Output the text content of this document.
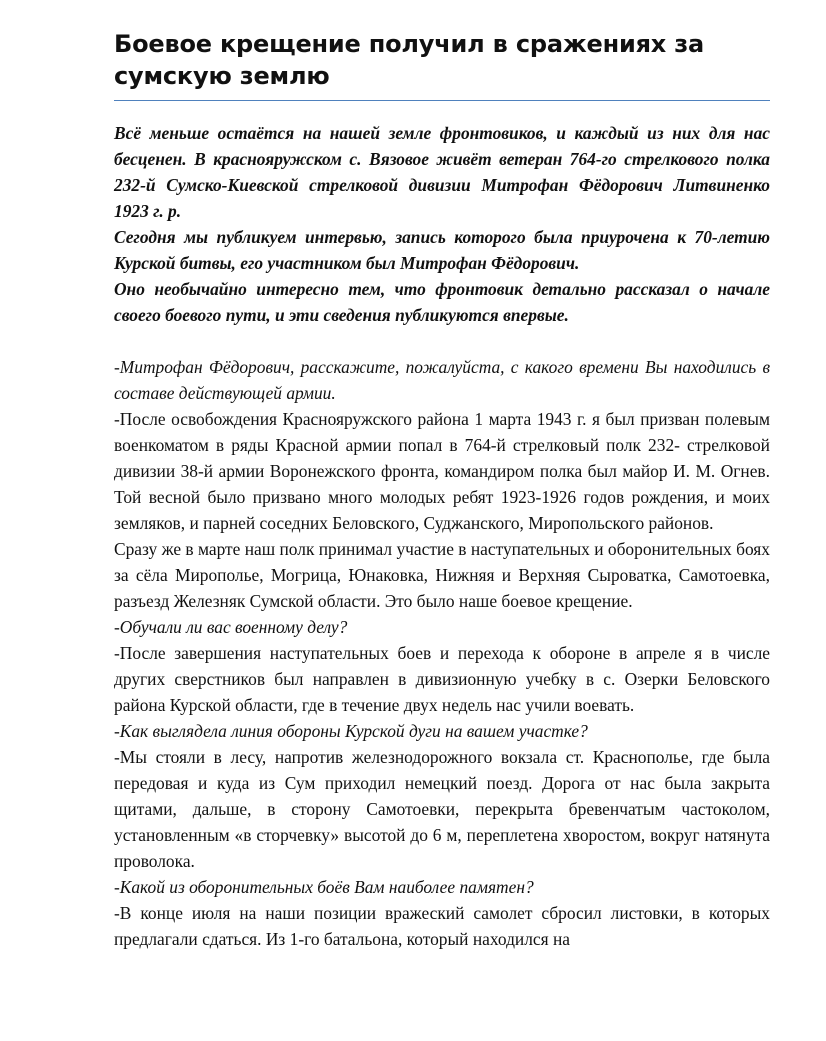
Боевое крещение получил в сражениях за сумскую землю

Всё меньше остаётся на нашей земле фронтовиков, и каждый из них для нас бесценен. В краснояружском с. Вязовое живёт ветеран 764-го стрелкового полка 232-й Сумско-Киевской стрелковой дивизии Митрофан Фёдорович Литвиненко 1923 г. р.

Сегодня мы публикуем интервью, запись которого была приурочена к 70-летию Курской битвы, его участником был Митрофан Фёдорович.

Оно необычайно интересно тем, что фронтовик детально рассказал о начале своего боевого пути, и эти сведения публикуются впервые.

-Митрофан Фёдорович, расскажите, пожалуйста, с какого времени Вы находились в составе действующей армии.

-После освобождения Краснояружского района 1 марта 1943 г. я был призван полевым военкоматом в ряды Красной армии попал в 764-й стрелковый полк 232- стрелковой дивизии 38-й армии Воронежского фронта, командиром полка был майор И. М. Огнев. Той весной было призвано много молодых ребят 1923-1926 годов рождения, и моих земляков, и парней соседних Беловского, Суджанского, Миропольского районов.

Сразу же в марте наш полк принимал участие в наступательных и оборонительных боях за сёла Мирополье, Могрица, Юнаковка, Нижняя и Верхняя Сыроватка, Самотоевка, разъезд Железняк Сумской области. Это было наше боевое крещение.

-Обучали ли вас военному делу?

-После завершения наступательных боев и перехода к обороне в апреле я в числе других сверстников был направлен в дивизионную учебку в с. Озерки Беловского района Курской области, где в течение двух недель нас учили воевать.

-Как выглядела линия обороны Курской дуги на вашем участке?

-Мы стояли в лесу, напротив железнодорожного вокзала ст. Краснополье, где была передовая и куда из Сум приходил немецкий поезд. Дорога от нас была закрыта щитами, дальше, в сторону Самотоевки, перекрыта бревенчатым частоколом, установленным «в сторчевку» высотой до 6 м, переплетена хворостом, вокруг натянута проволока.

-Какой из оборонительных боёв Вам наиболее памятен?

-В конце июля на наши позиции вражеский самолет сбросил листовки, в которых предлагали сдаться. Из 1-го батальона, который находился на
